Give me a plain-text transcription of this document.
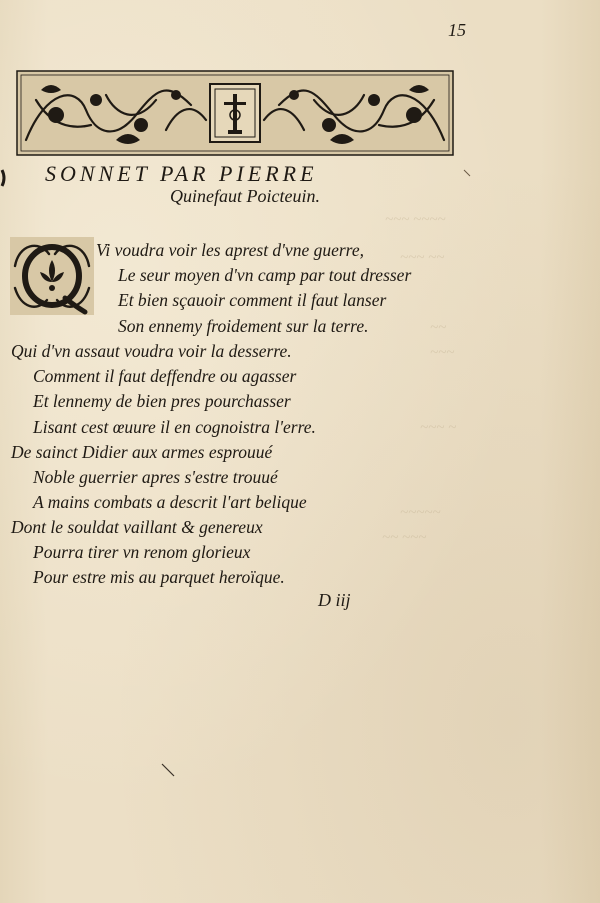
~~~ ~~~~
~~~ ~~
~~
~~~
~~~ ~
~~~~~
~~ ~~~
15
SONNET PAR PIERRE
Quinefaut Poicteuin.
Vi voudra voir les aprest d'vne guerre,
Le seur moyen d'vn camp par tout dresser
Et bien sçauoir comment il faut lanser
Son ennemy froidement sur la terre.
Qui d'vn assaut voudra voir la desserre.
Comment il faut deffendre ou agasser
Et lennemy de bien pres pourchasser
Lisant cest œuure il en cognoistra l'erre.
De sainct Didier aux armes esprouué
Noble guerrier apres s'estre trouué
A mains combats a descrit l'art belique
Dont le souldat vaillant & genereux
Pourra tirer vn renom glorieux
Pour estre mis au parquet heroïque.
D iij
